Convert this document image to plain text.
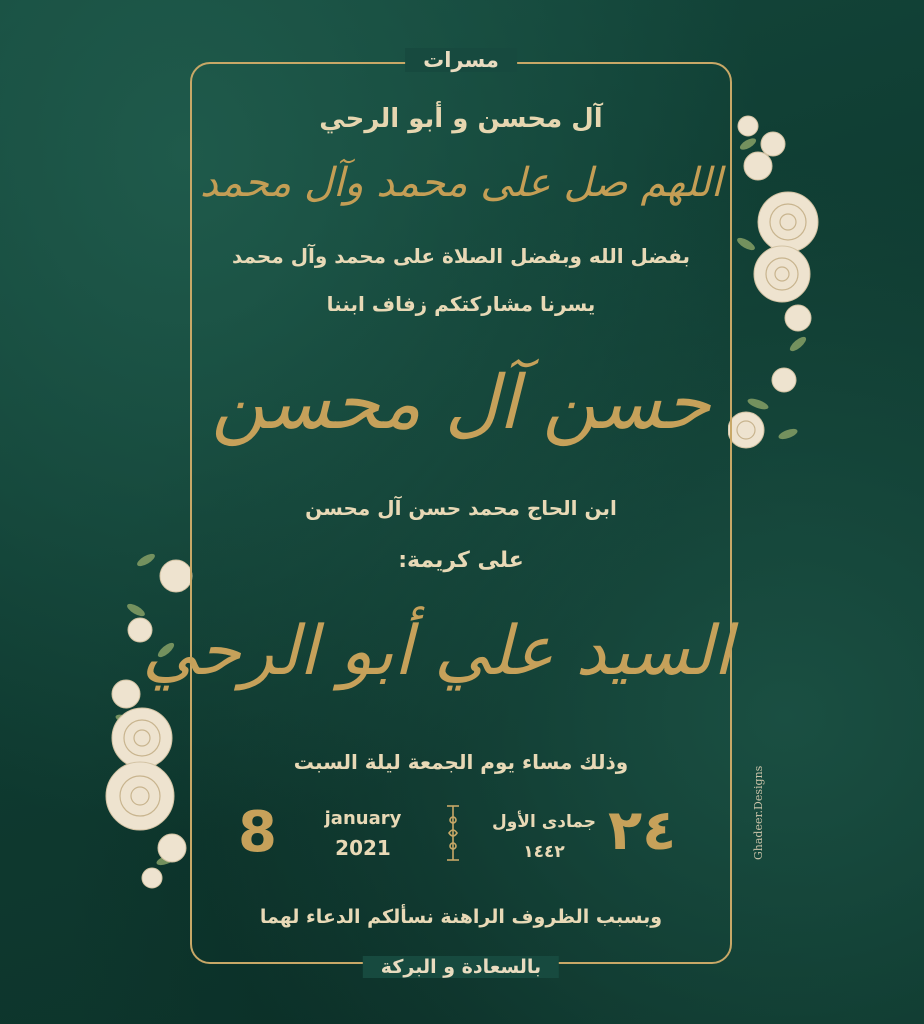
مسرات
بالسعادة و البركة
آل محسن و أبو الرحي
اللهم صل على محمد وآل محمد
بفضل الله وبفضل الصلاة على محمد وآل محمد
يسرنا مشاركتكم زفاف ابننا
حسن آل محسن
ابن الحاج محمد حسن آل محسن
على كريمة:
السيد علي أبو الرحي
وذلك مساء يوم الجمعة ليلة السبت
8	january
2021
جمادى الأول
١٤٤٢ ٢٤
وبسبب الظروف الراهنة نسألكم الدعاء لهما
Ghadeer.Designs
